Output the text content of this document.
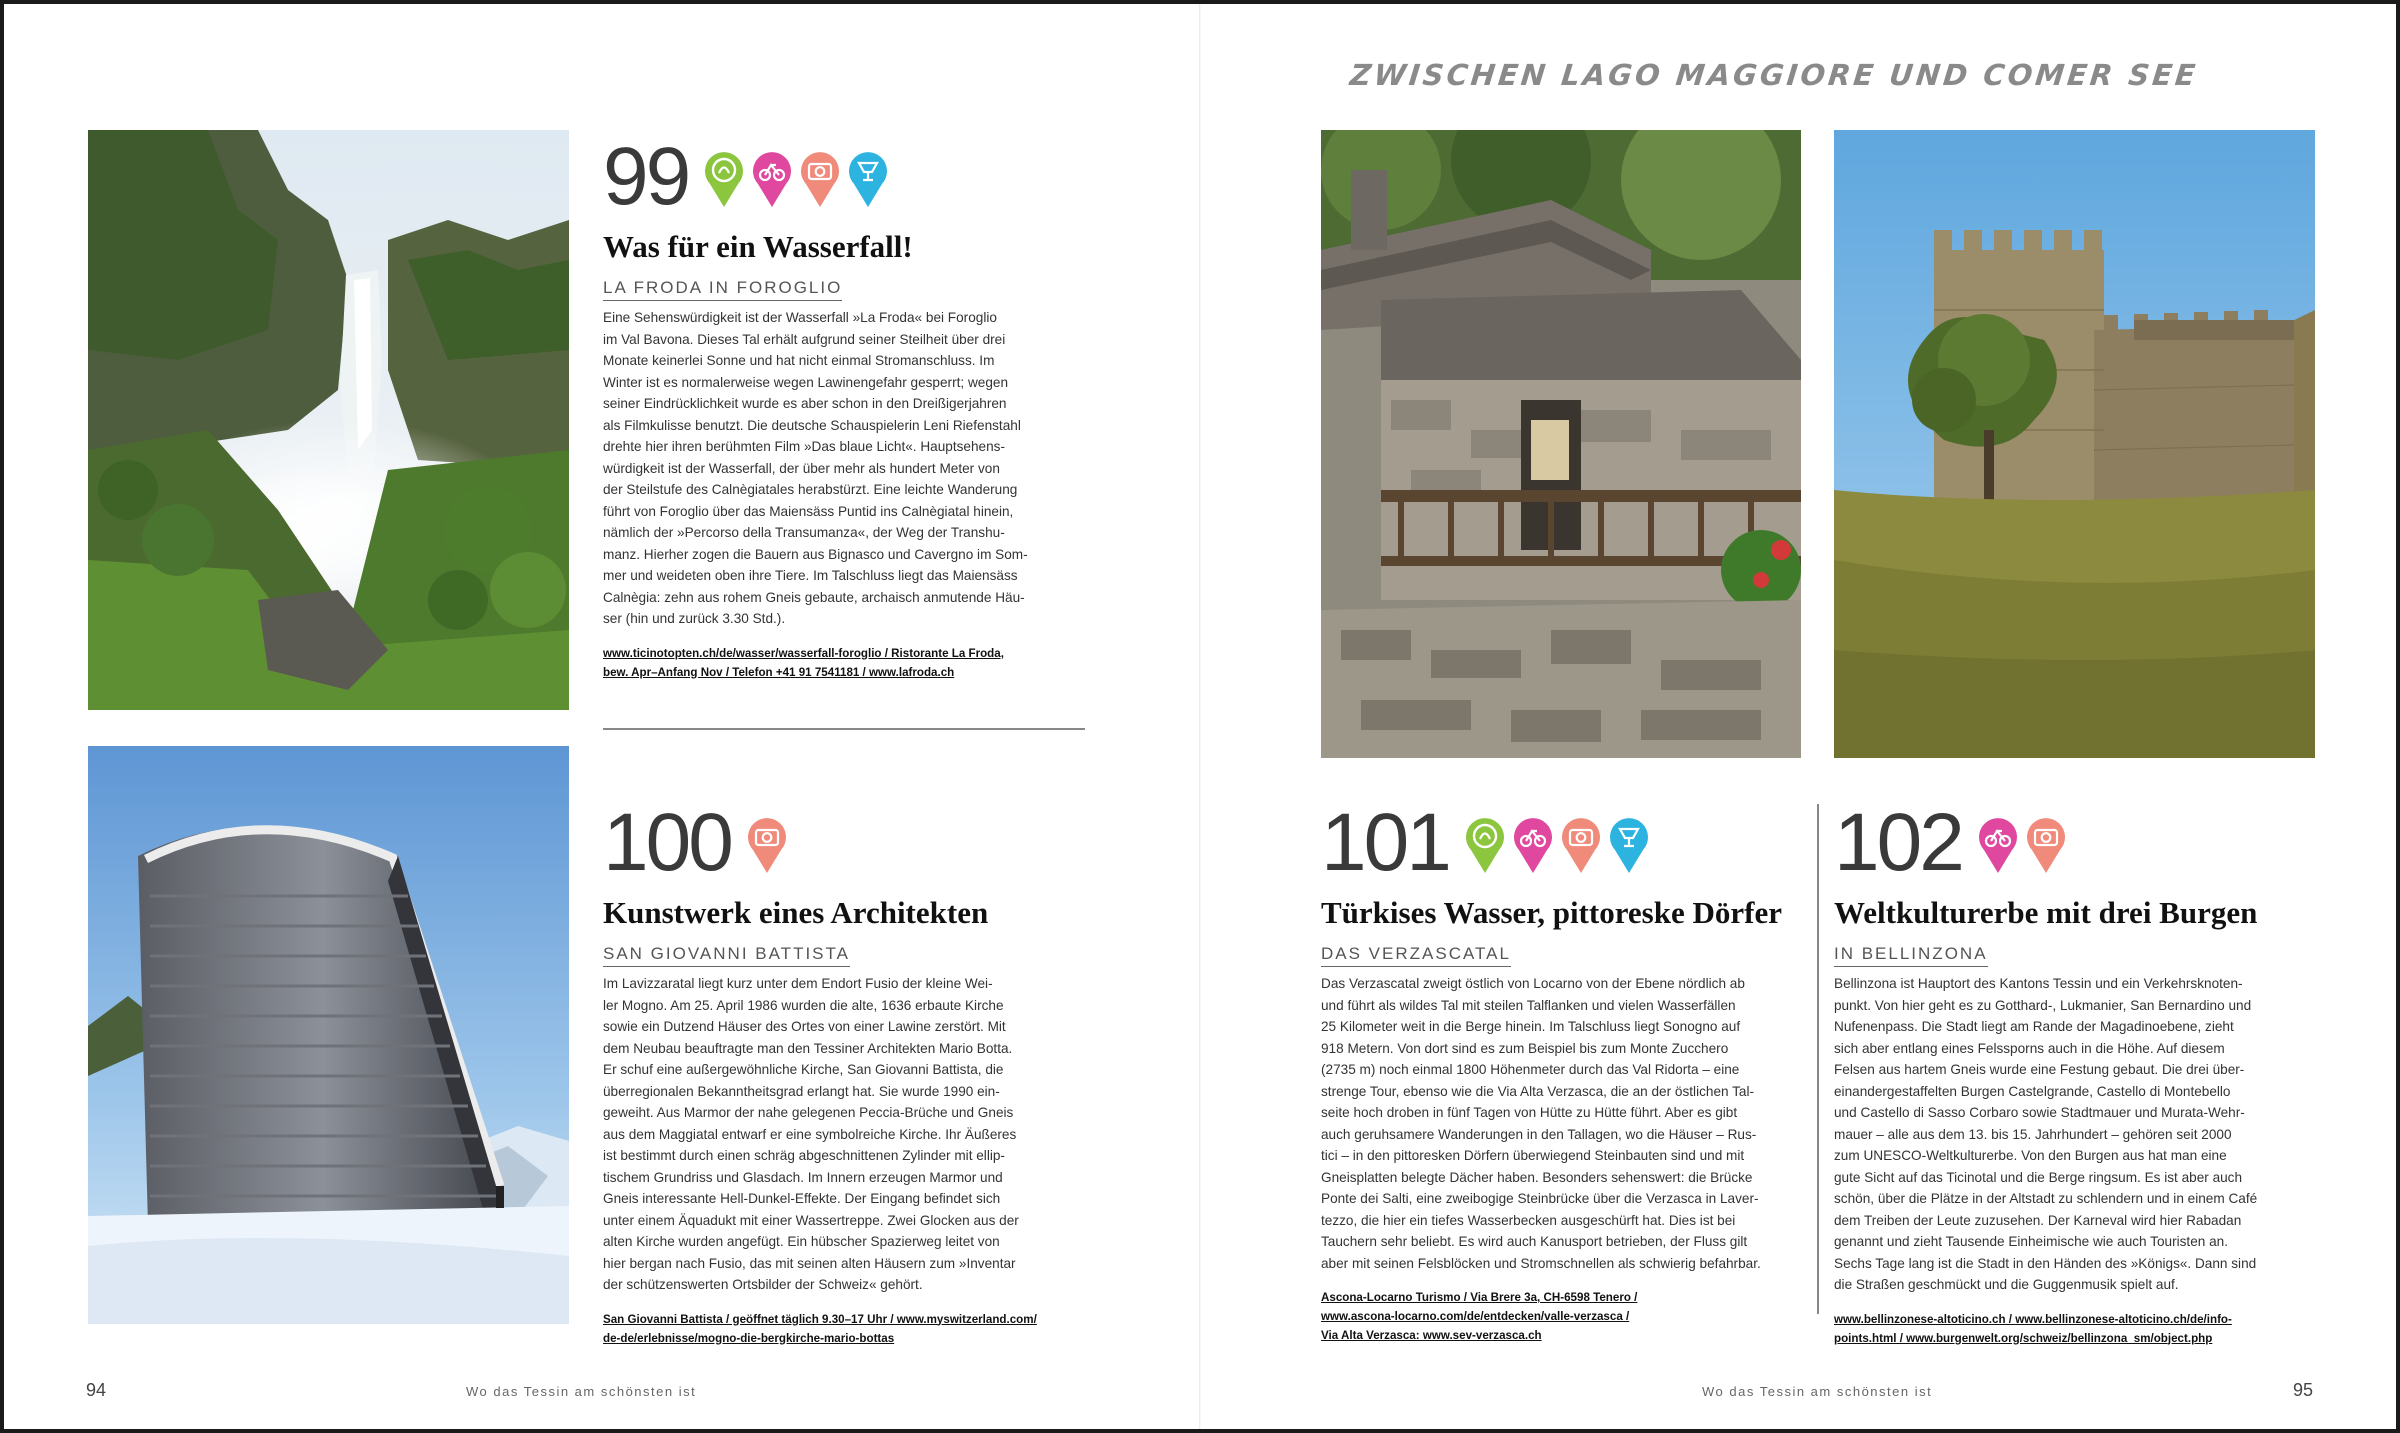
99
Was für ein Wasserfall!
LA FRODA IN FOROGLIO
Eine Sehenswürdigkeit ist der Wasserfall »La Froda« bei Foroglio
im Val Bavona. Dieses Tal erhält aufgrund seiner Steilheit über drei
Monate keinerlei Sonne und hat nicht einmal Stromanschluss. Im
Winter ist es normalerweise wegen Lawinengefahr gesperrt; wegen
seiner Eindrücklichkeit wurde es aber schon in den Dreißigerjahren
als Filmkulisse benutzt. Die deutsche Schauspielerin Leni Riefenstahl
drehte hier ihren berühmten Film »Das blaue Licht«. Hauptsehens-
würdigkeit ist der Wasserfall, der über mehr als hundert Meter von
der Steilstufe des Calnègiatales herabstürzt. Eine leichte Wanderung
führt von Foroglio über das Maiensäss Puntid ins Calnègiatal hinein,
nämlich der »Percorso della Transumanza«, der Weg der Transhu-
manz. Hierher zogen die Bauern aus Bignasco und Cavergno im Som-
mer und weideten oben ihre Tiere. Im Talschluss liegt das Maiensäss
Calnègia: zehn aus rohem Gneis gebaute, archaisch anmutende Häu-
ser (hin und zurück 3.30 Std.).
www.ticinotopten.ch/de/wasser/wasserfall-foroglio / Ristorante La Froda,
bew. Apr–Anfang Nov / Telefon +41 91 7541181 / www.lafroda.ch
100
Kunstwerk eines Architekten
SAN GIOVANNI BATTISTA
Im Lavizzaratal liegt kurz unter dem Endort Fusio der kleine Wei-
ler Mogno. Am 25. April 1986 wurden die alte, 1636 erbaute Kirche
sowie ein Dutzend Häuser des Ortes von einer Lawine zerstört. Mit
dem Neubau beauftragte man den Tessiner Architekten Mario Botta.
Er schuf eine außergewöhnliche Kirche, San Giovanni Battista, die
überregionalen Bekanntheitsgrad erlangt hat. Sie wurde 1990 ein-
geweiht. Aus Marmor der nahe gelegenen Peccia-Brüche und Gneis
aus dem Maggiatal entwarf er eine symbolreiche Kirche. Ihr Äußeres
ist bestimmt durch einen schräg abgeschnittenen Zylinder mit ellip-
tischem Grundriss und Glasdach. Im Innern erzeugen Marmor und
Gneis interessante Hell-Dunkel-Effekte. Der Eingang befindet sich
unter einem Äquadukt mit einer Wassertreppe. Zwei Glocken aus der
alten Kirche wurden angefügt. Ein hübscher Spazierweg leitet von
hier bergan nach Fusio, das mit seinen alten Häusern zum »Inventar
der schützenswerten Ortsbilder der Schweiz« gehört.
San Giovanni Battista / geöffnet täglich 9.30–17 Uhr / www.myswitzerland.com/
de-de/erlebnisse/mogno-die-bergkirche-mario-bottas
94	Wo das Tessin am schönsten ist
ZWISCHEN LAGO MAGGIORE UND COMER SEE
101
Türkises Wasser, pittoreske Dörfer
DAS VERZASCATAL
Das Verzascatal zweigt östlich von Locarno von der Ebene nördlich ab
und führt als wildes Tal mit steilen Talflanken und vielen Wasserfällen
25 Kilometer weit in die Berge hinein. Im Talschluss liegt Sonogno auf
918 Metern. Von dort sind es zum Beispiel bis zum Monte Zucchero
(2735 m) noch einmal 1800 Höhenmeter durch das Val Ridorta – eine
strenge Tour, ebenso wie die Via Alta Verzasca, die an der östlichen Tal-
seite hoch droben in fünf Tagen von Hütte zu Hütte führt. Aber es gibt
auch geruhsamere Wanderungen in den Tallagen, wo die Häuser – Rus-
tici – in den pittoresken Dörfern überwiegend Steinbauten sind und mit
Gneisplatten belegte Dächer haben. Besonders sehenswert: die Brücke
Ponte dei Salti, eine zweibogige Steinbrücke über die Verzasca in Laver-
tezzo, die hier ein tiefes Wasserbecken ausgeschürft hat. Dies ist bei
Tauchern sehr beliebt. Es wird auch Kanusport betrieben, der Fluss gilt
aber mit seinen Felsblöcken und Stromschnellen als schwierig befahrbar.
Ascona-Locarno Turismo / Via Brere 3a, CH-6598 Tenero /
www.ascona-locarno.com/de/entdecken/valle-verzasca /
Via Alta Verzasca: www.sev-verzasca.ch
102
Weltkulturerbe mit drei Burgen
IN BELLINZONA
Bellinzona ist Hauptort des Kantons Tessin und ein Verkehrsknoten-
punkt. Von hier geht es zu Gotthard-, Lukmanier, San Bernardino und
Nufenenpass. Die Stadt liegt am Rande der Magadinoebene, zieht
sich aber entlang eines Felssporns auch in die Höhe. Auf diesem
Felsen aus hartem Gneis wurde eine Festung gebaut. Die drei über-
einandergestaffelten Burgen Castelgrande, Castello di Montebello
und Castello di Sasso Corbaro sowie Stadtmauer und Murata-Wehr-
mauer – alle aus dem 13. bis 15. Jahrhundert – gehören seit 2000
zum UNESCO-Weltkulturerbe. Von den Burgen aus hat man eine
gute Sicht auf das Ticinotal und die Berge ringsum. Es ist aber auch
schön, über die Plätze in der Altstadt zu schlendern und in einem Café
dem Treiben der Leute zuzusehen. Der Karneval wird hier Rabadan
genannt und zieht Tausende Einheimische wie auch Touristen an.
Sechs Tage lang ist die Stadt in den Händen des »Königs«. Dann sind
die Straßen geschmückt und die Guggenmusik spielt auf.
www.bellinzonese-altoticino.ch / www.bellinzonese-altoticino.ch/de/info-
points.html / www.burgenwelt.org/schweiz/bellinzona_sm/object.php
Wo das Tessin am schönsten ist	95
